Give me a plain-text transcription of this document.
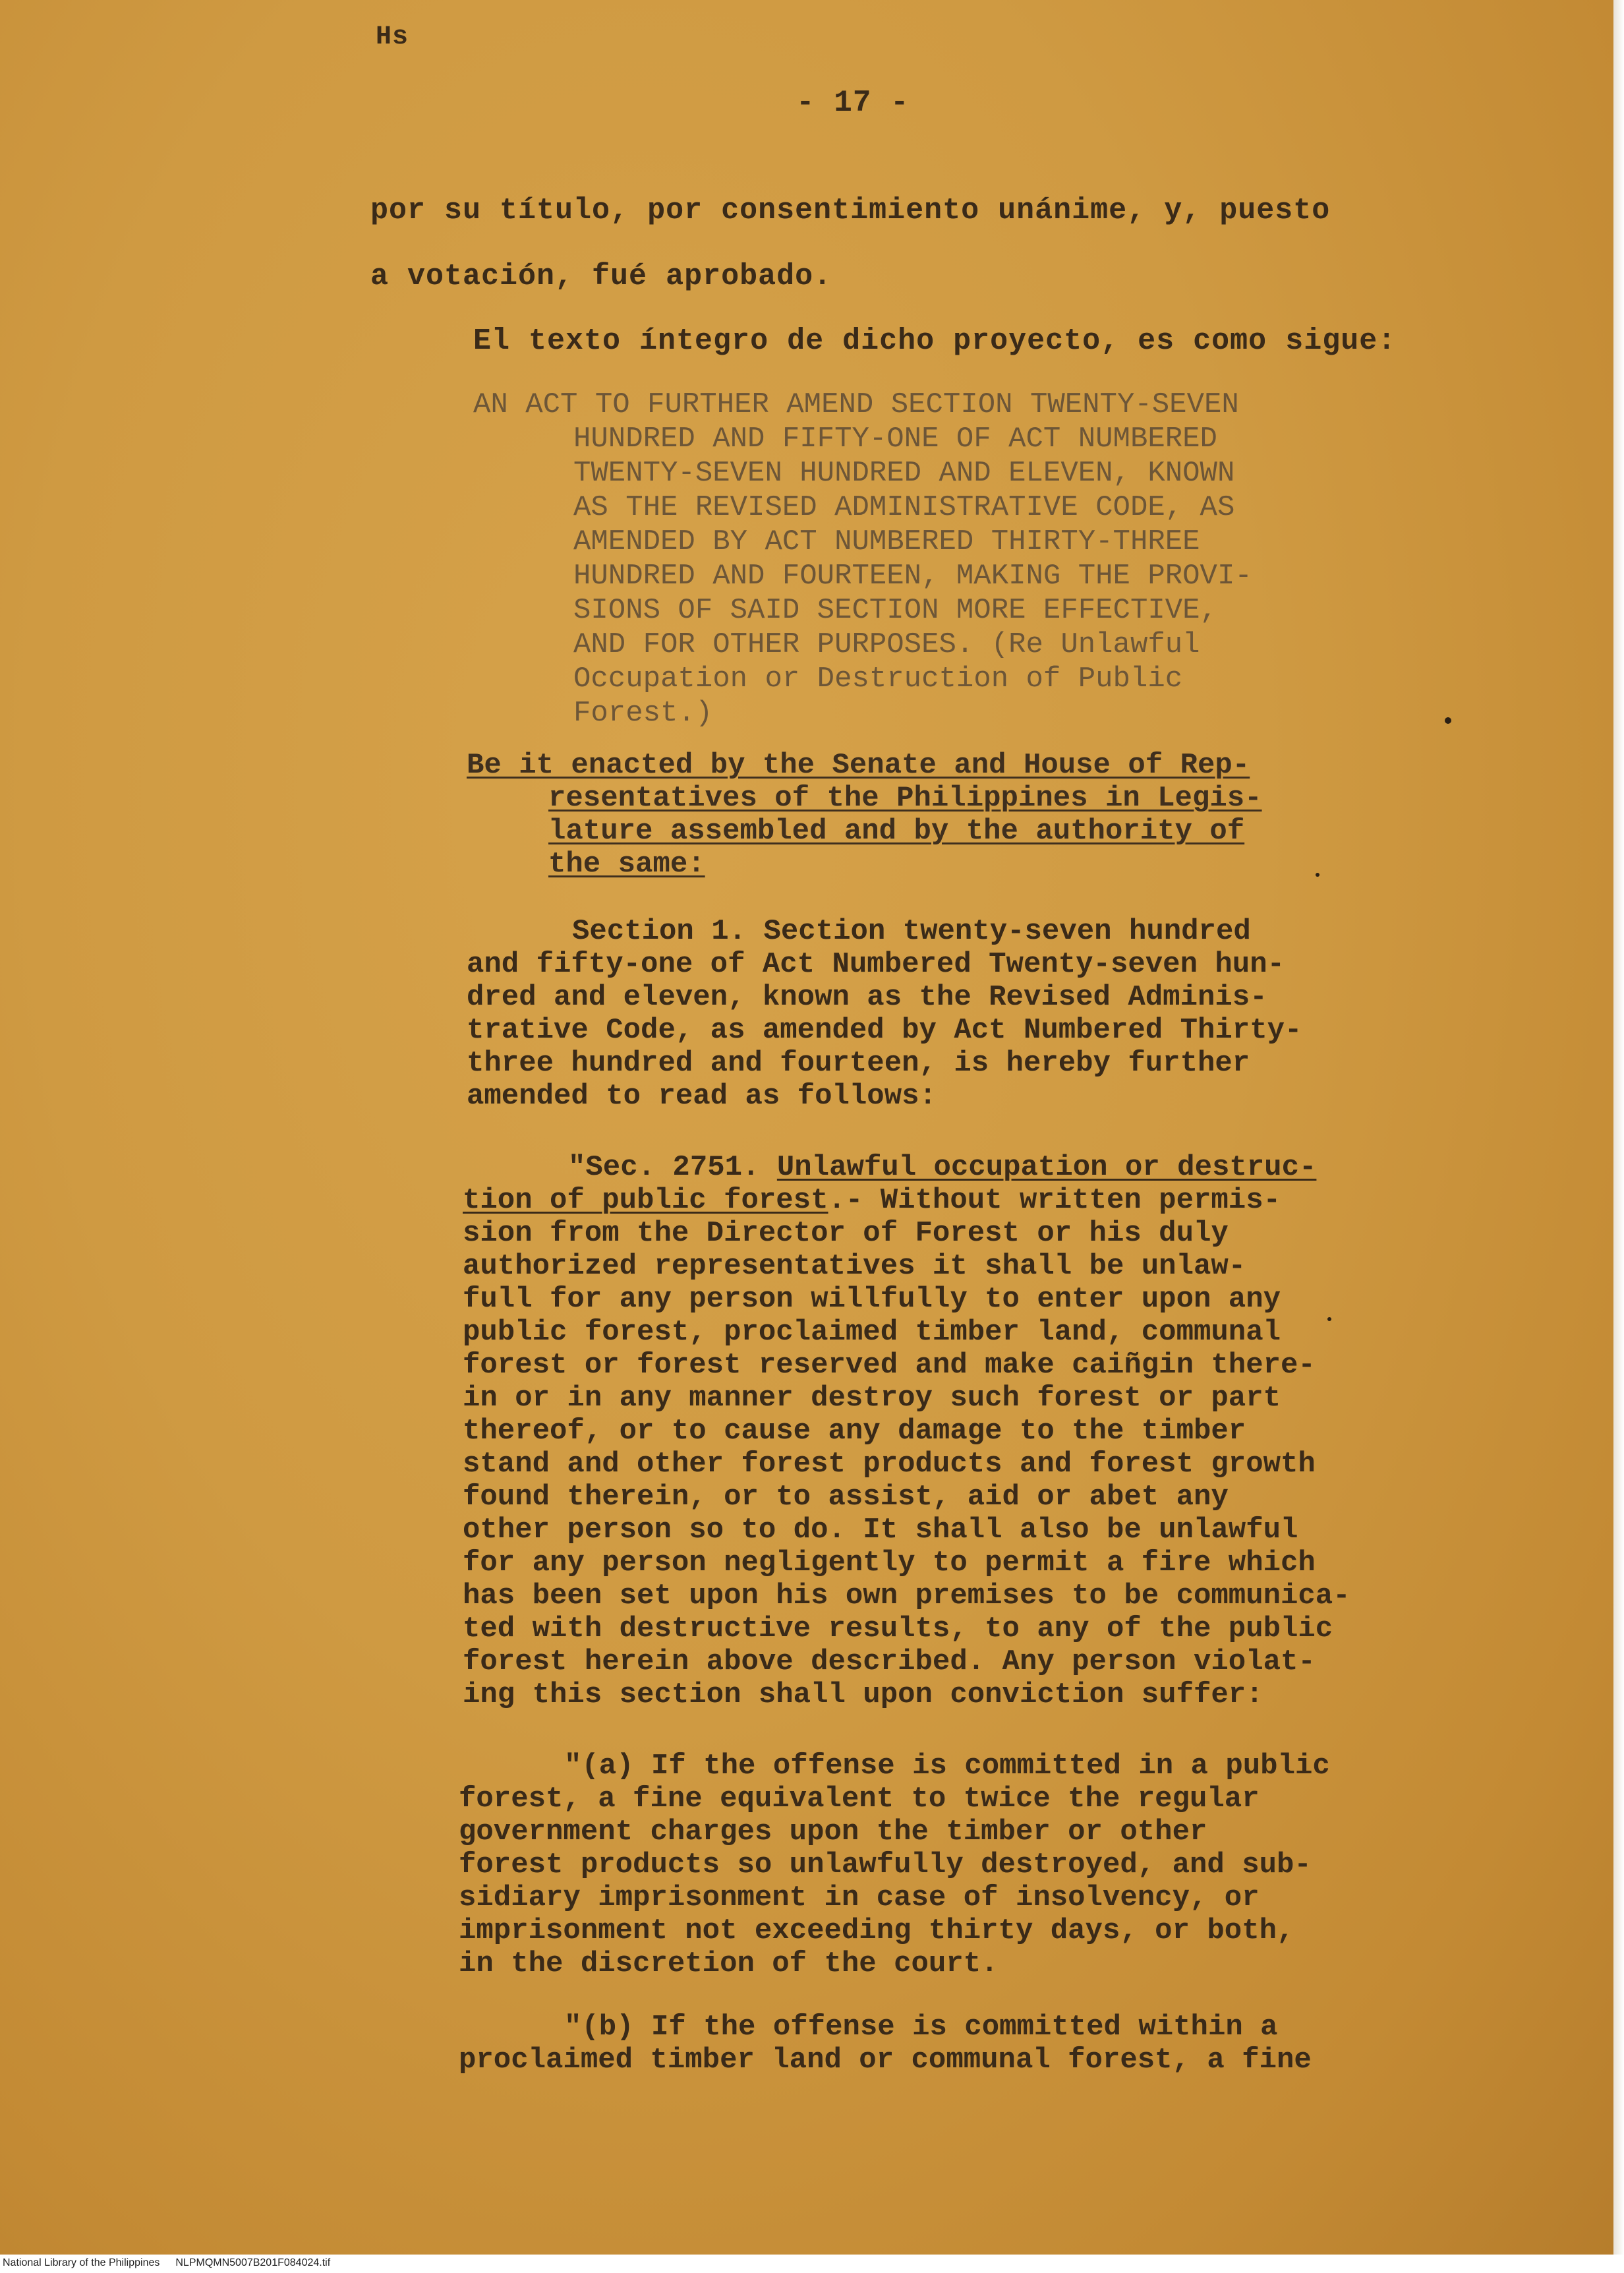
Hs
- 17 -
por su título, por consentimiento unánime, y, puesto
a votación, fué aprobado.
El texto íntegro de dicho proyecto, es como sigue:
AN ACT TO FURTHER AMEND SECTION TWENTY-SEVEN
HUNDRED AND FIFTY-ONE OF ACT NUMBERED
TWENTY-SEVEN HUNDRED AND ELEVEN, KNOWN
AS THE REVISED ADMINISTRATIVE CODE, AS
AMENDED BY ACT NUMBERED THIRTY-THREE
HUNDRED AND FOURTEEN, MAKING THE PROVI-
SIONS OF SAID SECTION MORE EFFECTIVE,
AND FOR OTHER PURPOSES. (Re Unlawful
Occupation or Destruction of Public
Forest.)
Be it enacted by the Senate and House of Rep-
resentatives of the Philippines in Legis-
lature assembled and by the authority of
the same:
Section 1. Section twenty-seven hundred
and fifty-one of Act Numbered Twenty-seven hun-
dred and eleven, known as the Revised Adminis-
trative Code, as amended by Act Numbered Thirty-
three hundred and fourteen, is hereby further
amended to read as follows:
"Sec. 2751. Unlawful occupation or destruc-
tion of public forest.- Without written permis-
sion from the Director of Forest or his duly
authorized representatives it shall be unlaw-
full for any person willfully to enter upon any
public forest, proclaimed timber land, communal
forest or forest reserved and make caiñgin there-
in or in any manner destroy such forest or part
thereof, or to cause any damage to the timber
stand and other forest products and forest growth
found therein, or to assist, aid or abet any
other person so to do. It shall also be unlawful
for any person negligently to permit a fire which
has been set upon his own premises to be communica-
ted with destructive results, to any of the public
forest herein above described. Any person violat-
ing this section shall upon conviction suffer:
"(a) If the offense is committed in a public
forest, a fine equivalent to twice the regular
government charges upon the timber or other
forest products so unlawfully destroyed, and sub-
sidiary imprisonment in case of insolvency, or
imprisonment not exceeding thirty days, or both,
in the discretion of the court.
"(b) If the offense is committed within a
proclaimed timber land or communal forest, a fine
National Library of the Philippines NLPMQMN5007B201F084024.tif
